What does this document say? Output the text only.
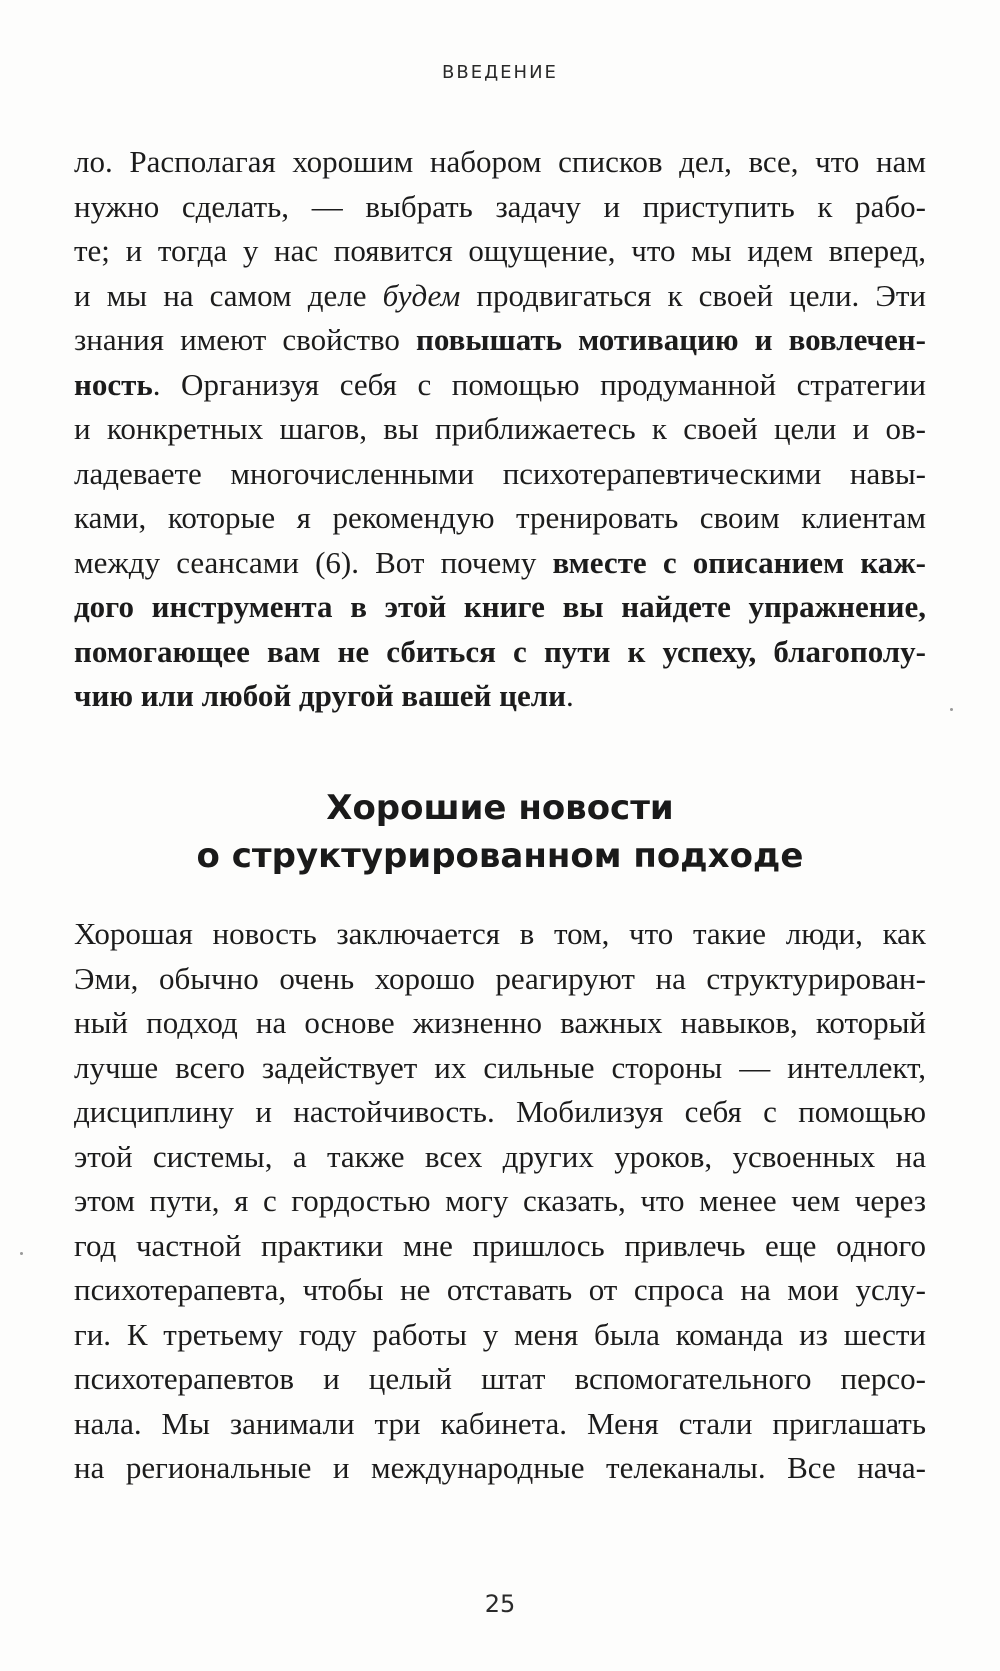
ВВЕДЕНИЕ
ло. Располагая хорошим набором списков дел, все, что нам
нужно сделать, — выбрать задачу и приступить к рабо-
те; и тогда у нас появится ощущение, что мы идем вперед,
и мы на самом деле будем продвигаться к своей цели. Эти
знания имеют свойство повышать мотивацию и вовлечен-
ность. Организуя себя с помощью продуманной стратегии
и конкретных шагов, вы приближаетесь к своей цели и ов-
ладеваете многочисленными психотерапевтическими навы-
ками, которые я рекомендую тренировать своим клиентам
между сеансами (6). Вот почему вместе с описанием каж-
дого инструмента в этой книге вы найдете упражнение,
помогающее вам не сбиться с пути к успеху, благополу-
чию или любой другой вашей цели.
Хорошие новости
о структурированном подходе
Хорошая новость заключается в том, что такие люди, как
Эми, обычно очень хорошо реагируют на структурирован-
ный подход на основе жизненно важных навыков, который
лучше всего задействует их сильные стороны — интеллект,
дисциплину и настойчивость. Мобилизуя себя с помощью
этой системы, а также всех других уроков, усвоенных на
этом пути, я с гордостью могу сказать, что менее чем через
год частной практики мне пришлось привлечь еще одного
психотерапевта, чтобы не отставать от спроса на мои услу-
ги. К третьему году работы у меня была команда из шести
психотерапевтов и целый штат вспомогательного персо-
нала. Мы занимали три кабинета. Меня стали приглашать
на региональные и международные телеканалы. Все нача-
25
